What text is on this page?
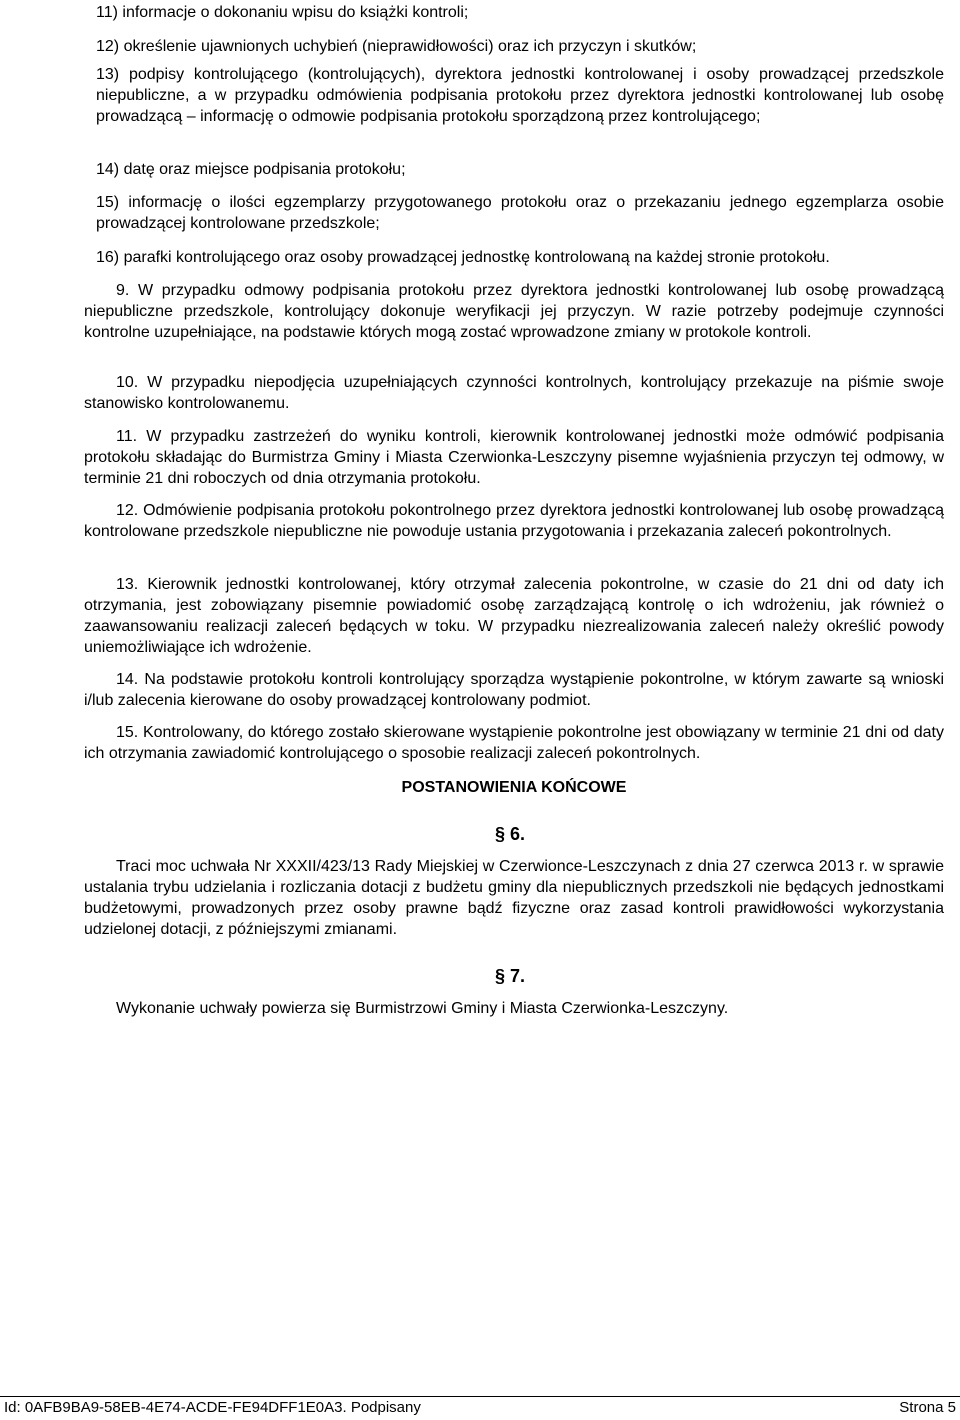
11) informacje o dokonaniu wpisu do książki kontroli;

12) określenie ujawnionych uchybień (nieprawidłowości) oraz ich przyczyn i skutków;

13) podpisy kontrolującego (kontrolujących), dyrektora jednostki kontrolowanej i osoby prowadzącej przedszkole niepubliczne, a w przypadku odmówienia podpisania protokołu przez dyrektora jednostki kontrolowanej lub osobę prowadzącą – informację o odmowie podpisania protokołu sporządzoną przez kontrolującego;

14) datę oraz miejsce podpisania protokołu;

15) informację o ilości egzemplarzy przygotowanego protokołu oraz o przekazaniu jednego egzemplarza osobie prowadzącej kontrolowane przedszkole;

16) parafki kontrolującego oraz osoby prowadzącej jednostkę kontrolowaną na każdej stronie protokołu.

9. W przypadku odmowy podpisania protokołu przez dyrektora jednostki kontrolowanej lub osobę prowadzącą niepubliczne przedszkole, kontrolujący dokonuje weryfikacji jej przyczyn. W razie potrzeby podejmuje czynności kontrolne uzupełniające, na podstawie których mogą zostać wprowadzone zmiany w protokole kontroli.

10. W przypadku niepodjęcia uzupełniających czynności kontrolnych, kontrolujący przekazuje na piśmie swoje stanowisko kontrolowanemu.

11. W przypadku zastrzeżeń do wyniku kontroli, kierownik kontrolowanej jednostki może odmówić podpisania protokołu składając do Burmistrza Gminy i Miasta Czerwionka-Leszczyny pisemne wyjaśnienia przyczyn tej odmowy, w terminie 21 dni roboczych od dnia otrzymania protokołu.

12. Odmówienie podpisania protokołu pokontrolnego przez dyrektora jednostki kontrolowanej lub osobę prowadzącą kontrolowane przedszkole niepubliczne nie powoduje ustania przygotowania i przekazania zaleceń pokontrolnych.

13. Kierownik jednostki kontrolowanej, który otrzymał zalecenia pokontrolne, w czasie do 21 dni od daty ich otrzymania, jest zobowiązany pisemnie powiadomić osobę zarządzającą kontrolę o ich wdrożeniu, jak również o zaawansowaniu realizacji zaleceń będących w toku. W przypadku niezrealizowania zaleceń należy określić powody uniemożliwiające ich wdrożenie.

14. Na podstawie protokołu kontroli kontrolujący sporządza wystąpienie pokontrolne, w którym zawarte są wnioski i/lub zalecenia kierowane do osoby prowadzącej kontrolowany podmiot.

15. Kontrolowany, do którego zostało skierowane wystąpienie pokontrolne jest obowiązany w terminie 21 dni od daty ich otrzymania zawiadomić kontrolującego o sposobie realizacji zaleceń pokontrolnych.

POSTANOWIENIA KOŃCOWE

§ 6.

Traci moc uchwała Nr XXXII/423/13 Rady Miejskiej w Czerwionce-Leszczynach z dnia 27 czerwca 2013 r. w sprawie ustalania trybu udzielania i rozliczania dotacji z budżetu gminy dla niepublicznych przedszkoli nie będących jednostkami budżetowymi, prowadzonych przez osoby prawne bądź fizyczne oraz zasad kontroli prawidłowości wykorzystania udzielonej dotacji, z późniejszymi zmianami.

§ 7.

Wykonanie uchwały powierza się Burmistrzowi Gminy i Miasta Czerwionka-Leszczyny.

Id: 0AFB9BA9-58EB-4E74-ACDE-FE94DFF1E0A3. Podpisany	Strona 5
